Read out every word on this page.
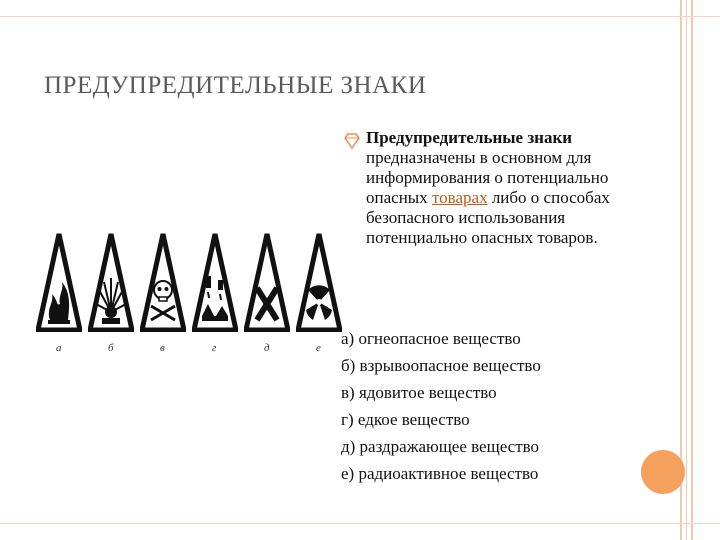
ПРЕДУПРЕДИТЕЛЬНЫЕ ЗНАКИ
а	б	в	г	д	е
Предупредительные знаки предназначены в основном для информирования о потенциально опасных товарах либо о способах безопасного использования потенциально опасных товаров.
а) огнеопасное вещество
б) взрывоопасное вещество
в) ядовитое вещество
г) едкое вещество
д) раздражающее вещество
е) радиоактивное вещество
